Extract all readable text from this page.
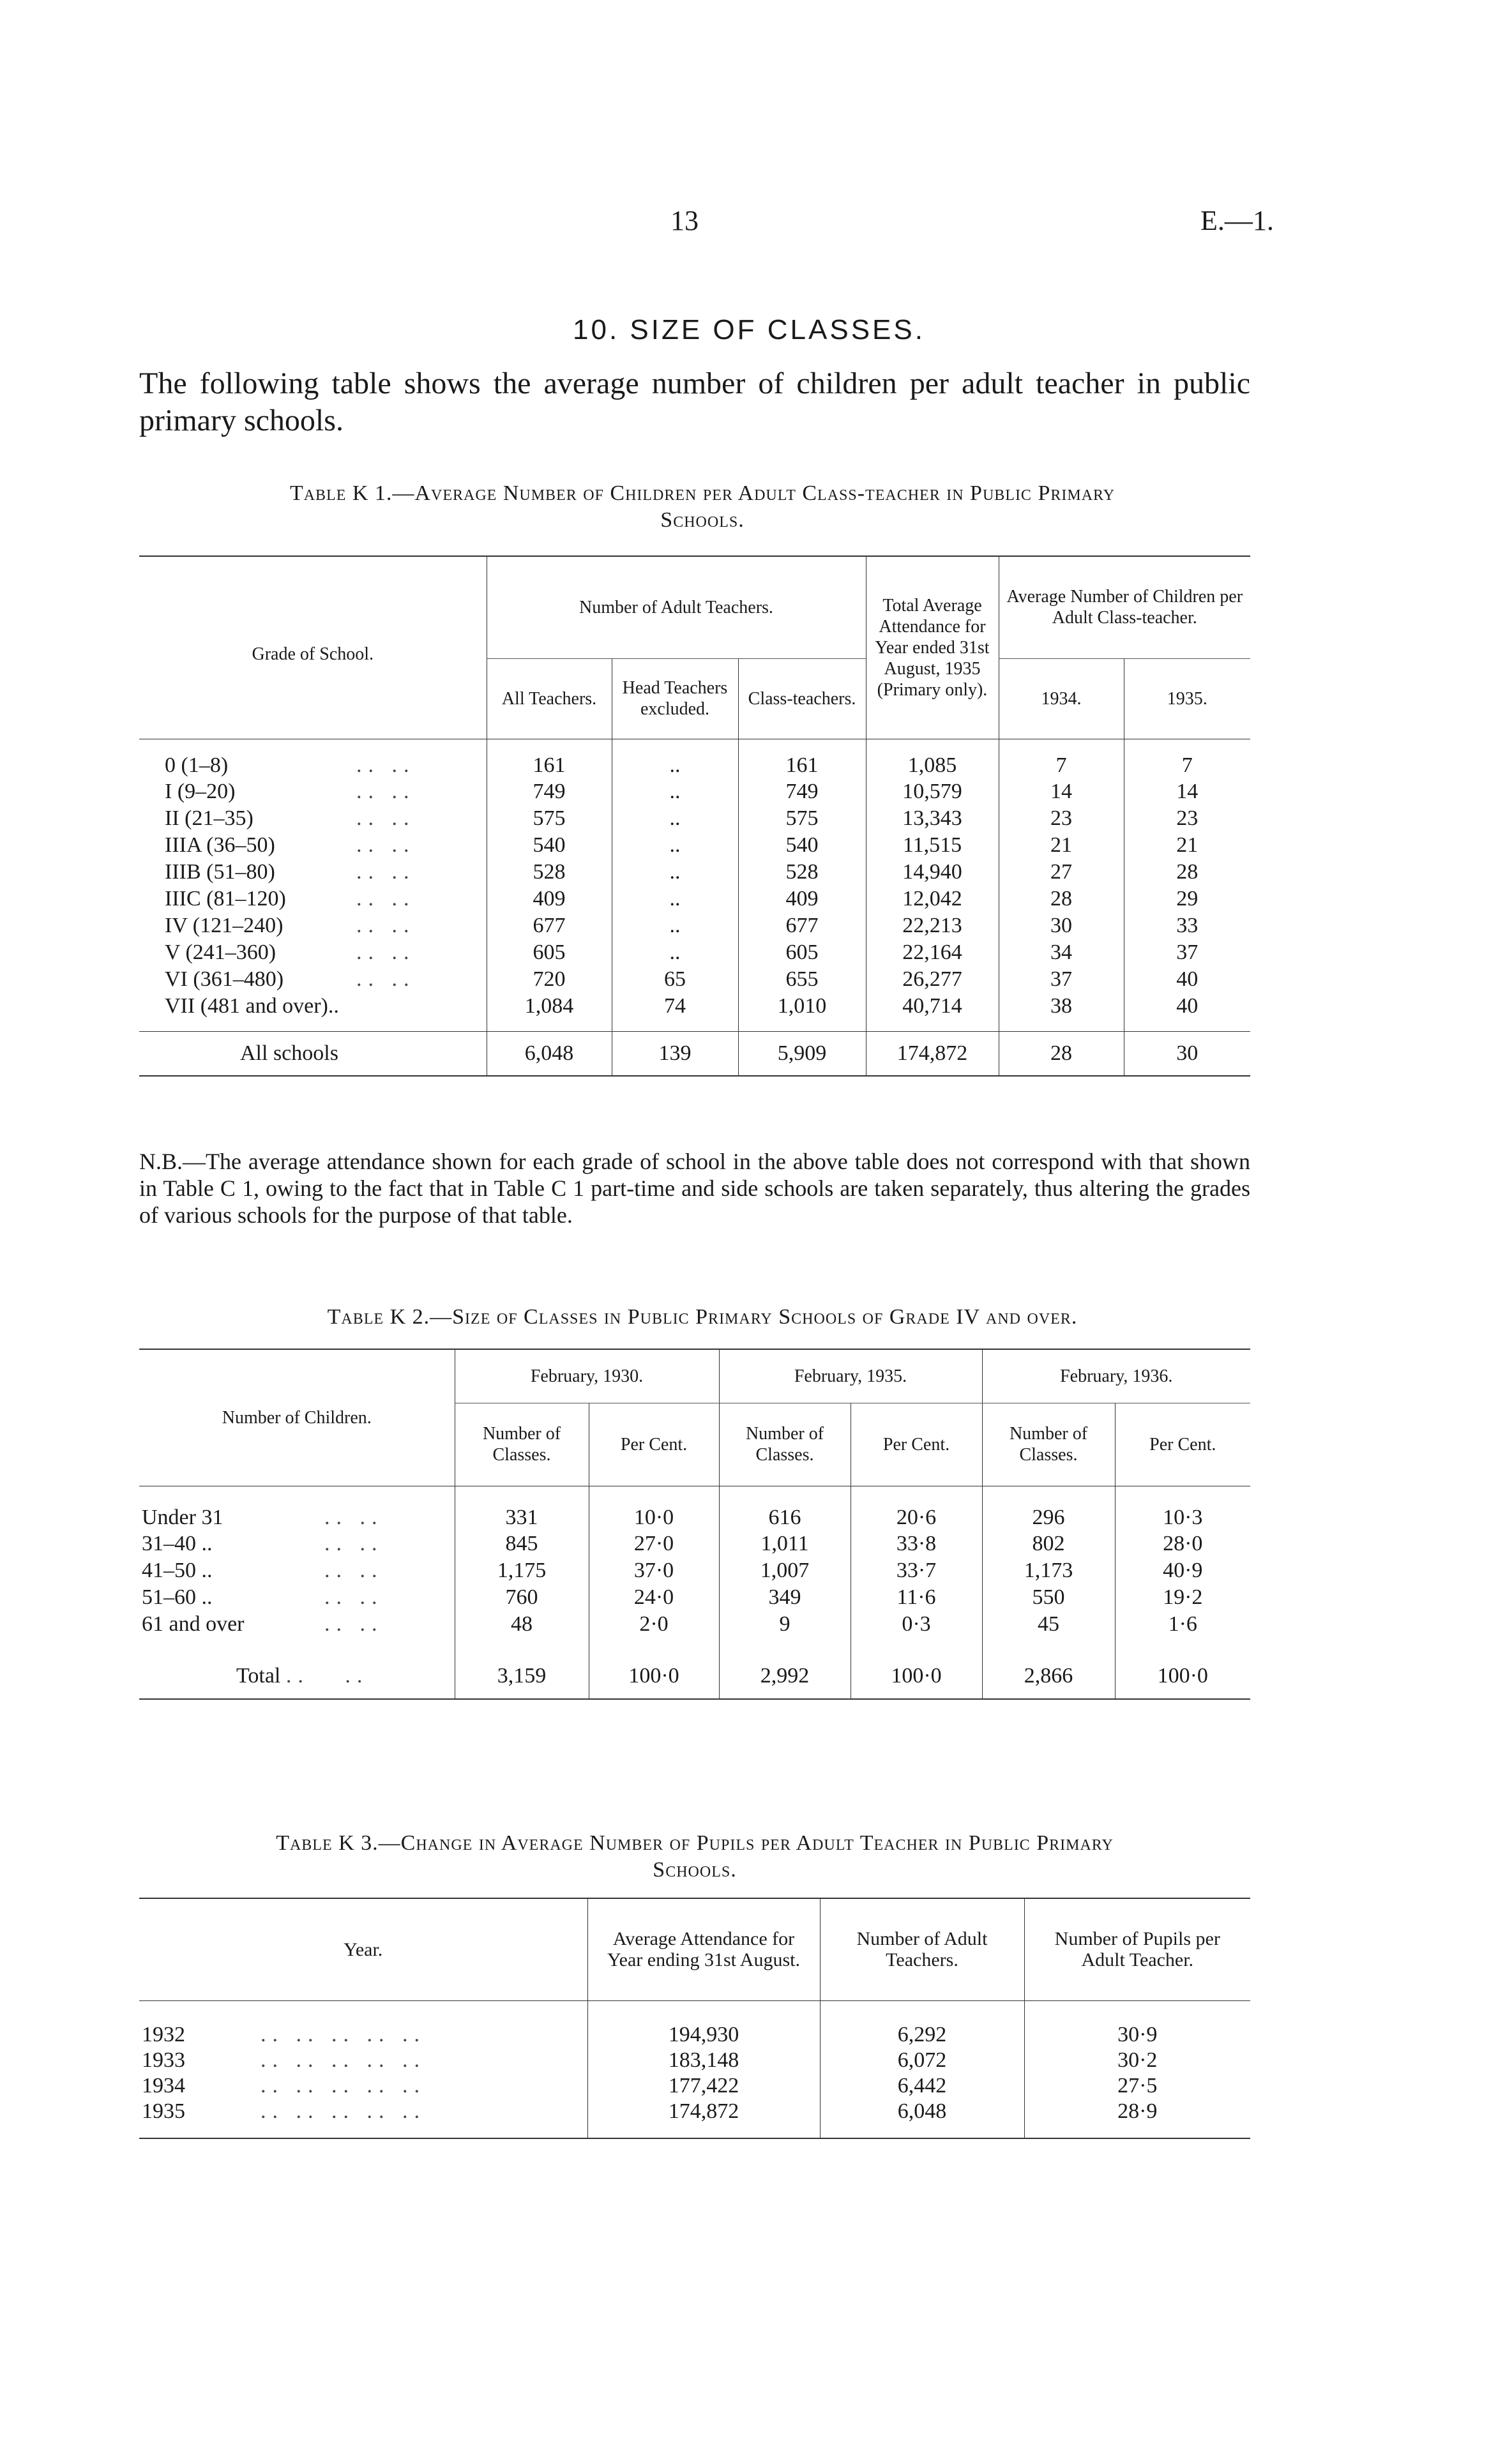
13	E.—1.
10. SIZE OF CLASSES.
The following table shows the average number of children per adult teacher in public primary schools.
Table K 1.—Average Number of Children per Adult Class-teacher in Public Primary
Schools.
Grade of School.	Number of Adult Teachers.			Total Average Attendance for Year ended 31st August, 1935 (Primary only).	Average Number of Children per Adult Class-teacher.	
	All Teachers.	Head Teachers excluded.	Class-teachers.		1934.	1935.
0 (1–8) .. ..	161	..	161	1,085	7	7
I (9–20) .. ..	749	..	749	10,579	14	14
II (21–35) .. ..	575	..	575	13,343	23	23
IIIA (36–50) .. ..	540	..	540	11,515	21	21
IIIB (51–80) .. ..	528	..	528	14,940	27	28
IIIC (81–120) .. ..	409	..	409	12,042	28	29
IV (121–240) .. ..	677	..	677	22,213	30	33
V (241–360) .. ..	605	..	605	22,164	34	37
VI (361–480) .. ..	720	65	655	26,277	37	40
VII (481 and over)..	1,084	74	1,010	40,714	38	40

All schools	6,048	139	5,909	174,872	28	30
N.B.—The average attendance shown for each grade of school in the above table does not correspond with that shown in Table C 1, owing to the fact that in Table C 1 part-time and side schools are taken separately, thus altering the grades of various schools for the purpose of that table.
Table K 2.—Size of Classes in Public Primary Schools of Grade IV and over.
Number of Children.	February, 1930.		February, 1935.		February, 1936.	
	Number of Classes.	Per Cent.	Number of Classes.	Per Cent.	Number of Classes.	Per Cent.
Under 31 .. ..	331	10·0	616	20·6	296	10·3
31–40 .. .. ..	845	27·0	1,011	33·8	802	28·0
41–50 .. .. ..	1,175	37·0	1,007	33·7	1,173	40·9
51–60 .. .. ..	760	24·0	349	11·6	550	19·2
61 and over .. ..	48	2·0	9	0·3	45	1·6

Total ..   ..	3,159	100·0	2,992	100·0	2,866	100·0
Table K 3.—Change in Average Number of Pupils per Adult Teacher in Public Primary
Schools.
Year.	Average Attendance for Year ending 31st August.	Number of Adult Teachers.	Number of Pupils per Adult Teacher.
1932 .. .. .. .. ..	194,930	6,292	30·9
1933 .. .. .. .. ..	183,148	6,072	30·2
1934 .. .. .. .. ..	177,422	6,442	27·5
1935 .. .. .. .. ..	174,872	6,048	28·9
